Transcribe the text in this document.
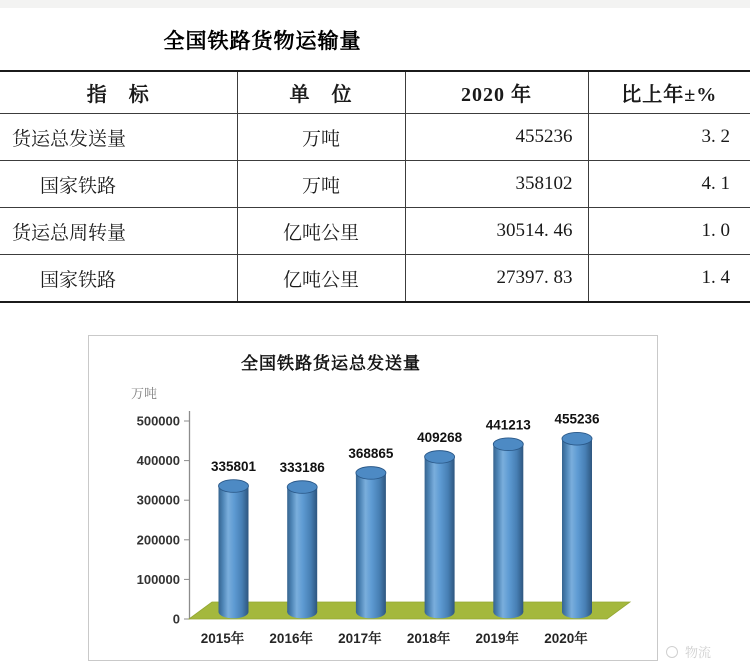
全国铁路货物运输量
指　标	单　位	2020 年	比上年±%
货运总发送量	万吨	455236	3. 2
国家铁路	万吨	358102	4. 1
货运总周转量	亿吨公里	30514. 46	1. 0
国家铁路	亿吨公里	27397. 83	1. 4
0
100000
200000
300000
400000
500000
335801
2015年
333186
2016年
368865
2017年
409268
2018年
441213
2019年
455236
2020年
全国铁路货运总发送量
万吨
物流
